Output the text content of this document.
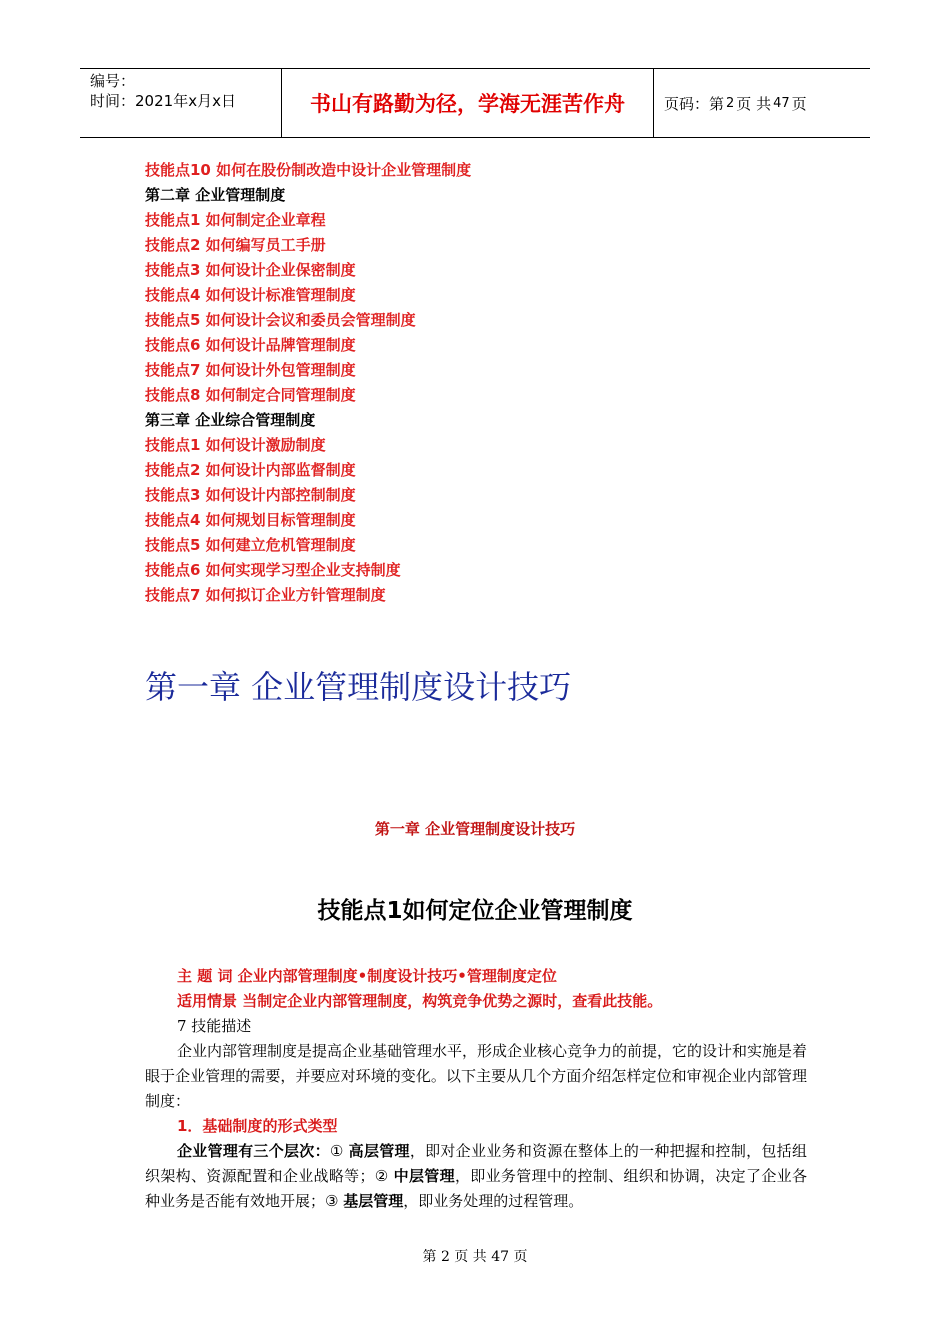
编号：
时间：2021年x月x日	书山有路勤为径，学海无涯苦作舟	页码：第 2 页 共 47 页
技能点10 如何在股份制改造中设计企业管理制度
第二章 企业管理制度
技能点1 如何制定企业章程
技能点2 如何编写员工手册
技能点3 如何设计企业保密制度
技能点4 如何设计标准管理制度
技能点5 如何设计会议和委员会管理制度
技能点6 如何设计品牌管理制度
技能点7 如何设计外包管理制度
技能点8 如何制定合同管理制度
第三章 企业综合管理制度
技能点1 如何设计激励制度
技能点2 如何设计内部监督制度
技能点3 如何设计内部控制制度
技能点4 如何规划目标管理制度
技能点5 如何建立危机管理制度
技能点6 如何实现学习型企业支持制度
技能点7 如何拟订企业方针管理制度
第一章 企业管理制度设计技巧
第一章 企业管理制度设计技巧
技能点1如何定位企业管理制度

主 题 词 企业内部管理制度•制度设计技巧•管理制度定位

适用情景 当制定企业内部管理制度，构筑竞争优势之源时，查看此技能。

7 技能描述

企业内部管理制度是提高企业基础管理水平，形成企业核心竞争力的前提，它的设计和实施是着眼于企业管理的需要，并要应对环境的变化。以下主要从几个方面介绍怎样定位和审视企业内部管理制度：

1．基础制度的形式类型

企业管理有三个层次：① 高层管理，即对企业业务和资源在整体上的一种把握和控制，包括组织架构、资源配置和企业战略等；② 中层管理，即业务管理中的控制、组织和协调，决定了企业各种业务是否能有效地开展；③ 基层管理，即业务处理的过程管理。

第 2 页 共 47 页
